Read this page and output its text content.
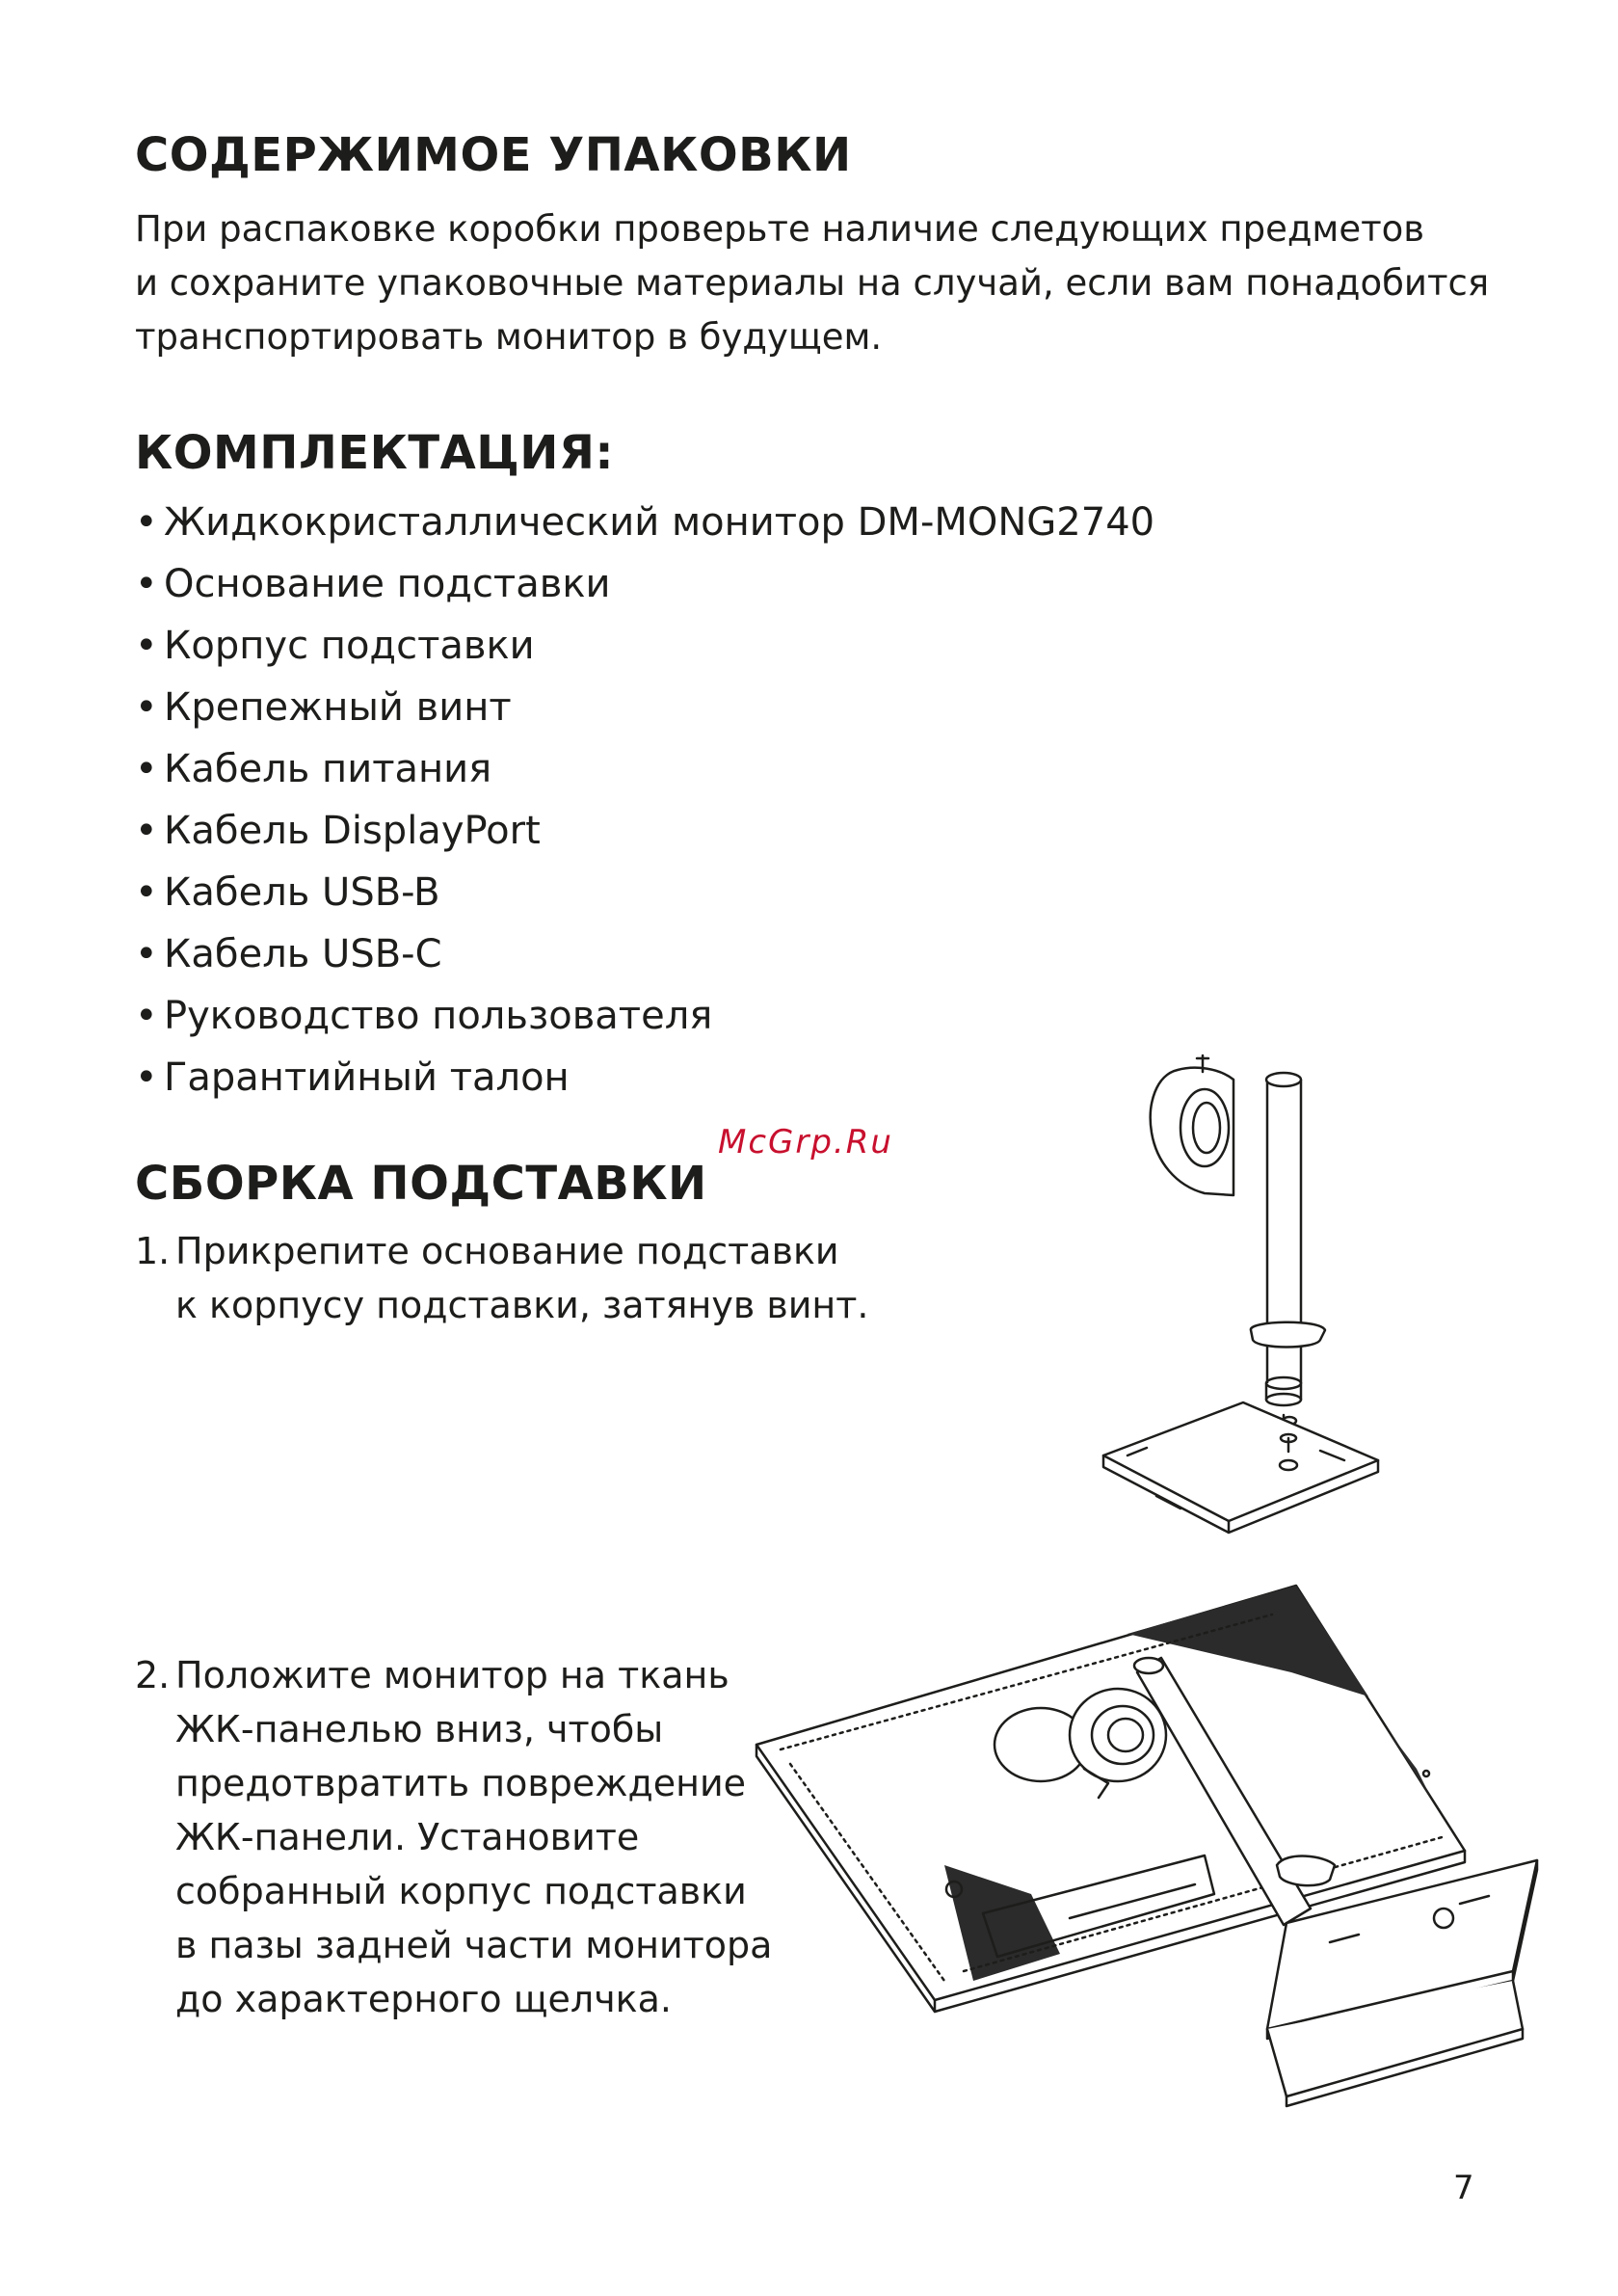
СОДЕРЖИМОЕ УПАКОВКИ

При распаковке коробки проверьте наличие следующих предметов
и сохраните упаковочные материалы на случай, если вам понадобится
транспортировать монитор в будущем.

КОМПЛЕКТАЦИЯ:
• Жидкокристаллический монитор DM-MONG2740
• Основание подставки
• Корпус подставки
• Крепежный винт
• Кабель питания
• Кабель DisplayPort
• Кабель USB-B
• Кабель USB-C
• Руководство пользователя
• Гарантийный талон
McGrp.Ru
СБОРКА ПОДСТАВКИ
1. Прикрепите основание подставки
к корпусу подставки, затянув винт.
2. Положите монитор на ткань
ЖК-панелью вниз, чтобы
предотвратить повреждение
ЖК-панели. Установите
собранный корпус подставки
в пазы задней части монитора
до характерного щелчка.
7
